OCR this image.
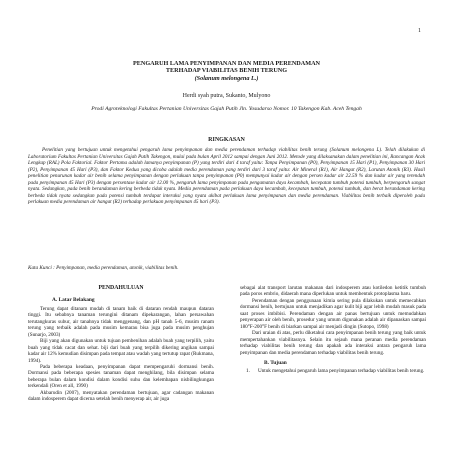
1
PENGARUH LAMA PENYIMPANAN DAN MEDIA PERENDAMAN
TERHADAP VIABILITAS BENIH TERUNG
(Solanum melongena L.)
Herdi syah putra, Sukanto, Mulyono
Prodi Agroteknologi Fakultas Pertanian Universitas Gajah Putih Jln. Yosudarso Nomor. 10 Takengon Kab. Aceh Tengah
RINGKASAN
Penelitian yang bertujuan untuk mengetahui pengaruh lama penyimpanan dan media perendaman terhadap viabilitas benih terung (Solanum melongena L). Telah dilakukan di Laboratorium Fakultas Pertanian Universitas Gajah Putih Takengon, mulai pada bulan April 2012 sampai dengan Juni 2012. Metode yang dilaksanakan dalam penelitian ini, Rancangan Acak Lengkap (RAL) Pola Faktorial. Faktor Pertama adalah lamanya penyimpanan (P) yang terdiri dari 4 taraf yaitu: Tanpa Penyimpanan (P0), Penyimpanan 15 Hari (P1), Penyimpanan 30 Hari (P2), Penyimpanan 45 Hari (P3), dan Faktor Kedua yang dicoba adalah media perendaman yang terdiri dari 3 taraf yaitu: Air Mineral (R1), Air Hangat (R2), Larutan Atonik (R3). Hasil penelitian penurunan kadar air benih selama penyimpanan dengan perlakuan tanpa penyimpanan (P0) mempunyai kadar air dengan persen kadar air 22.59 % dan kadar air yang terendah pada penyimpanan 45 Hari (P3) dengan persentase kadar air 12.00 %, pengaruh lama penyimpanan pada pengamatan daya kecambah, kecepatan tumbuh potensi tumbuh, berpengaruh sangat nyata. Sedangkan, pada benih berandaman kering berbeda tidak nyata. Media perendaman pada perlakuan daya kecambah, kecepatan tumbuh, potensi tumbuh, dan berat berandaman kering berbeda tidak nyata sedangkan pada potensi tumbuh terdapat interaksi yang nyata akibat perlakuan lama penyimpanan dan media perendaman. Viabilitas benih terbaik diperoleh pada perlakuan media perendaman air hangat (R2) terhadap perlakuan penyimpanan 45 hari (P3).
Kata Kunci : Penyimpanan, media perendaman, atonik, viabilitas benih.
PENDAHULUAN
A. Latar Belakang

Terung dapat ditanam mudah di tanam baik di dataran rendah maupun dataran tinggi. Itu sebabnya tanaman terungini ditanam dipekarangan, lahan persawahan terutangkuras subur, air tanahnya tidak menggenang, dan pH tanah 5-6, musim ranam terung yang terbaik adalah pada musim kemarau bisa juga pada musim penghujan (Sunarjo, 2003)

Biji yang akan digunakan untuk tujuan pembenihan adalah buah yang terpilih, yaitu buah yang tidak cacat dan sehat. biji dari buah yang terpilih dikering angikan sampai kadar air 12% kemudian disimpan pada tempat atau wadah yang tertutup rapat (Rukmana, 1994).

Pada beberapa keadaan, penyimpanan dapat mempengaruhi dormansi benih. Dormansi pada beberapa spesies tanaman dapat menghilang, bila disimpan selama beberapa bulan dalam kondisi dalam kondisi suhu dan kelembapan nisbilingkungan terkendali (Oren et all, 1990)

Akbarudin (2007), menyatakan perendaman bertujuan, agar cadangan makanan dalam indosperem dapat dicerna setelah benih menyerap air, air juga

sebagai alat transport larutan makanan dari indosperem atau kotiledon ketitik tumbuh pada poros embrio, didaerah mana diperlukan untuk membentuk protoplasma baru.

Perendaman dengan penggunaan kimia sering pula dilakukan untuk memecahkan dormansi benih, bertujuan untuk menjadikan agar kulit biji agar lebih mudah masuk pada saat proses imbibisi. Perendaman dengan air panas bertujuan untuk memudahkan penyerapan air oleh benih, prosedur yang umum digunakan adalah air dipanaskan sampai 180°F-200°F benih di biarkan sampai air menjadi dingin (Sutopo, 1998)

Dari uraian di atas, perlu diketahui cara penyimpanan benih terung yang baik untuk mempertahankan viabilitasnya. Selain itu sejauh mana peranan media perendaman terhadap viabilitas benih terung dan apakah ada interaksi antara pengaruh lama penyimpanan dan media perendaman terhadap viabilitas benih terung.

B. Tujuan
1.	Untuk mengetahui pengaruh lama penyimpanan terhadap viabilitas benih terung.
